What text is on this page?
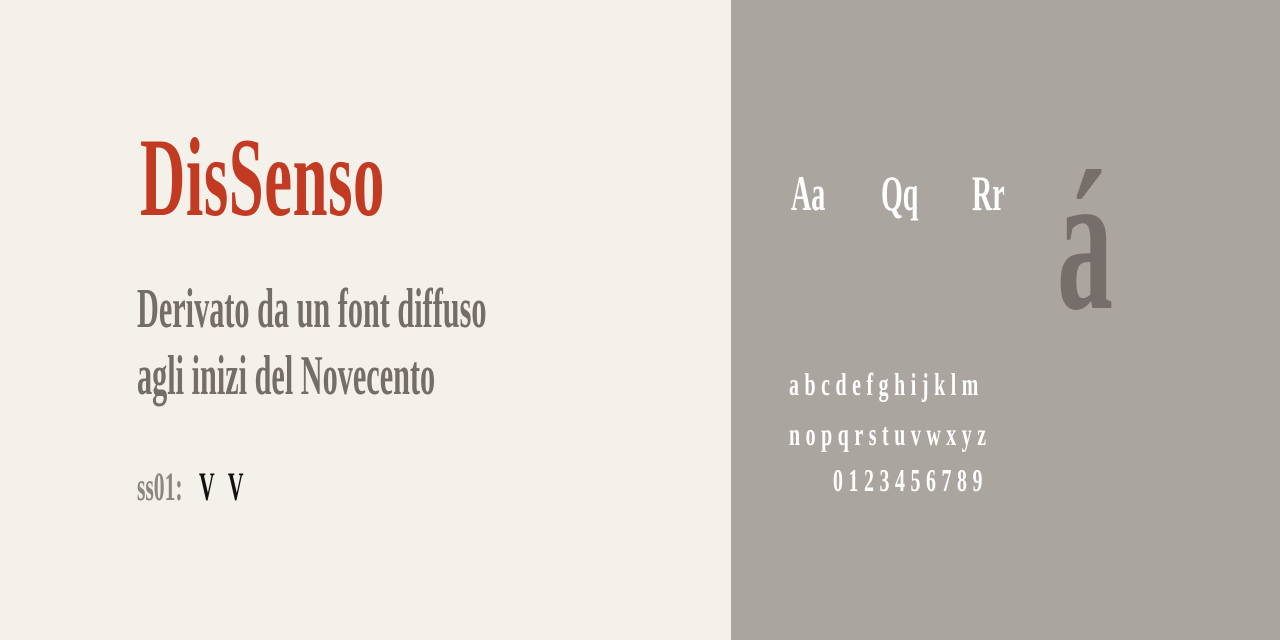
DisSenso
Derivato da un font diffuso
agli inizi del Novecento
ss01: V V
Aa Qq Rr á
abcdefghijklm
nopqrstuvwxyz
0123456789
